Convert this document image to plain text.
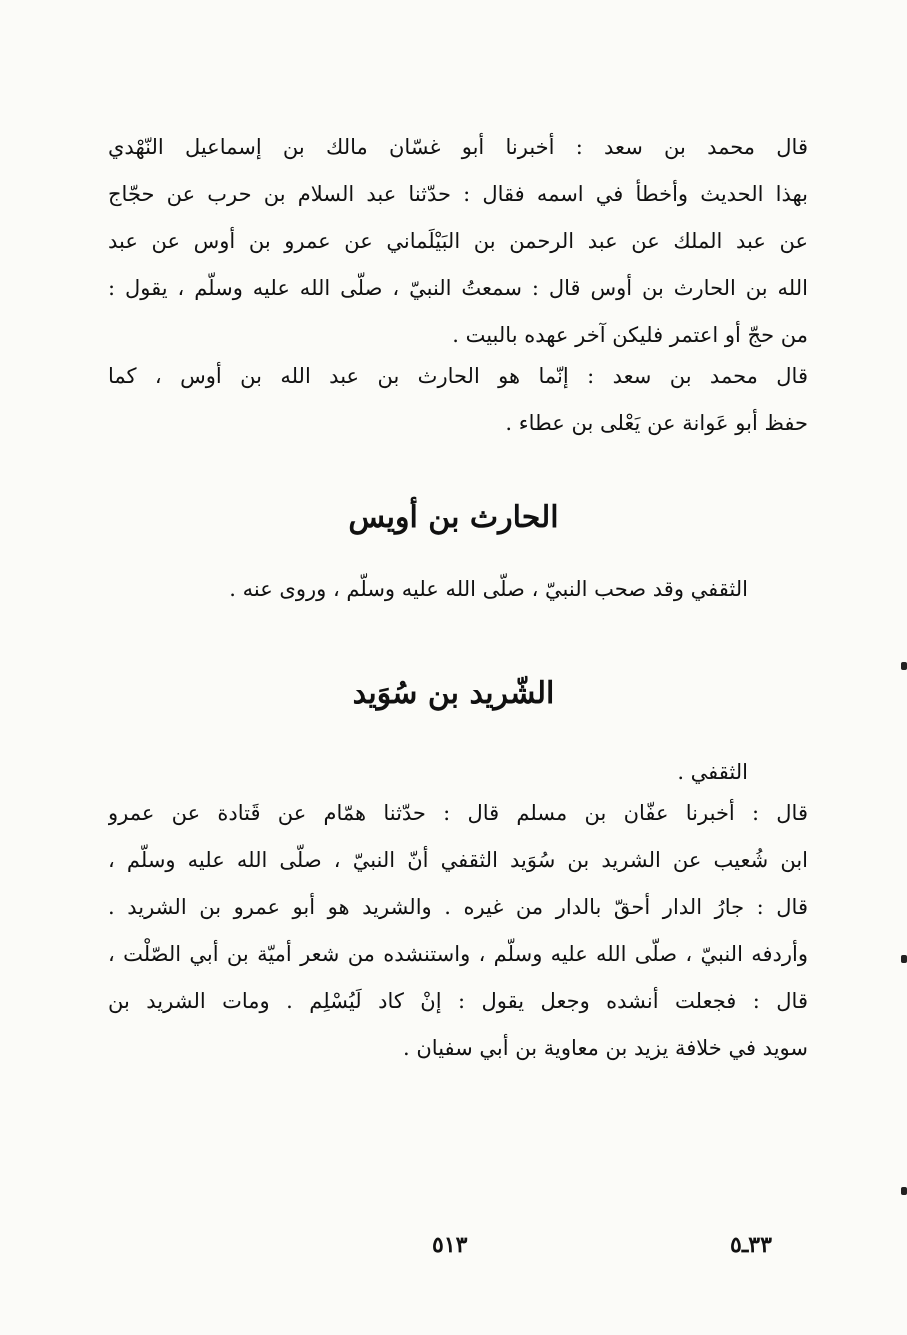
قال محمد بن سعد : أخبرنا أبو غسّان مالك بن إسماعيل النّهْدي
بهذا الحديث وأخطأ في اسمه فقال : حدّثنا عبد السلام بن حرب عن حجّاج
عن عبد الملك عن عبد الرحمن بن البَيْلَماني عن عمرو بن أوس عن عبد
الله بن الحارث بن أوس قال : سمعتُ النبيّ ، صلّى الله عليه وسلّم ، يقول :
من حجّ أو اعتمر فليكن آخر عهده بالبيت .
قال محمد بن سعد : إنّما هو الحارث بن عبد الله بن أوس ، كما
حفظ أبو عَوانة عن يَعْلى بن عطاء .
الحارث بن أويس
الثقفي وقد صحب النبيّ ، صلّى الله عليه وسلّم ، وروى عنه .
الشّريد بن سُوَيد
الثقفي .
قال : أخبرنا عفّان بن مسلم قال : حدّثنا همّام عن قَتادة عن عمرو
ابن شُعيب عن الشريد بن سُوَيد الثقفي أنّ النبيّ ، صلّى الله عليه وسلّم ،
قال : جارُ الدار أحقّ بالدار من غيره . والشريد هو أبو عمرو بن الشريد .
وأردفه النبيّ ، صلّى الله عليه وسلّم ، واستنشده من شعر أميّة بن أبي الصّلْت ،
قال : فجعلت أنشده وجعل يقول : إنْ كاد لَيُسْلِم . ومات الشريد بن
سويد في خلافة يزيد بن معاوية بن أبي سفيان .
٥١٣	٣٣ـ٥
